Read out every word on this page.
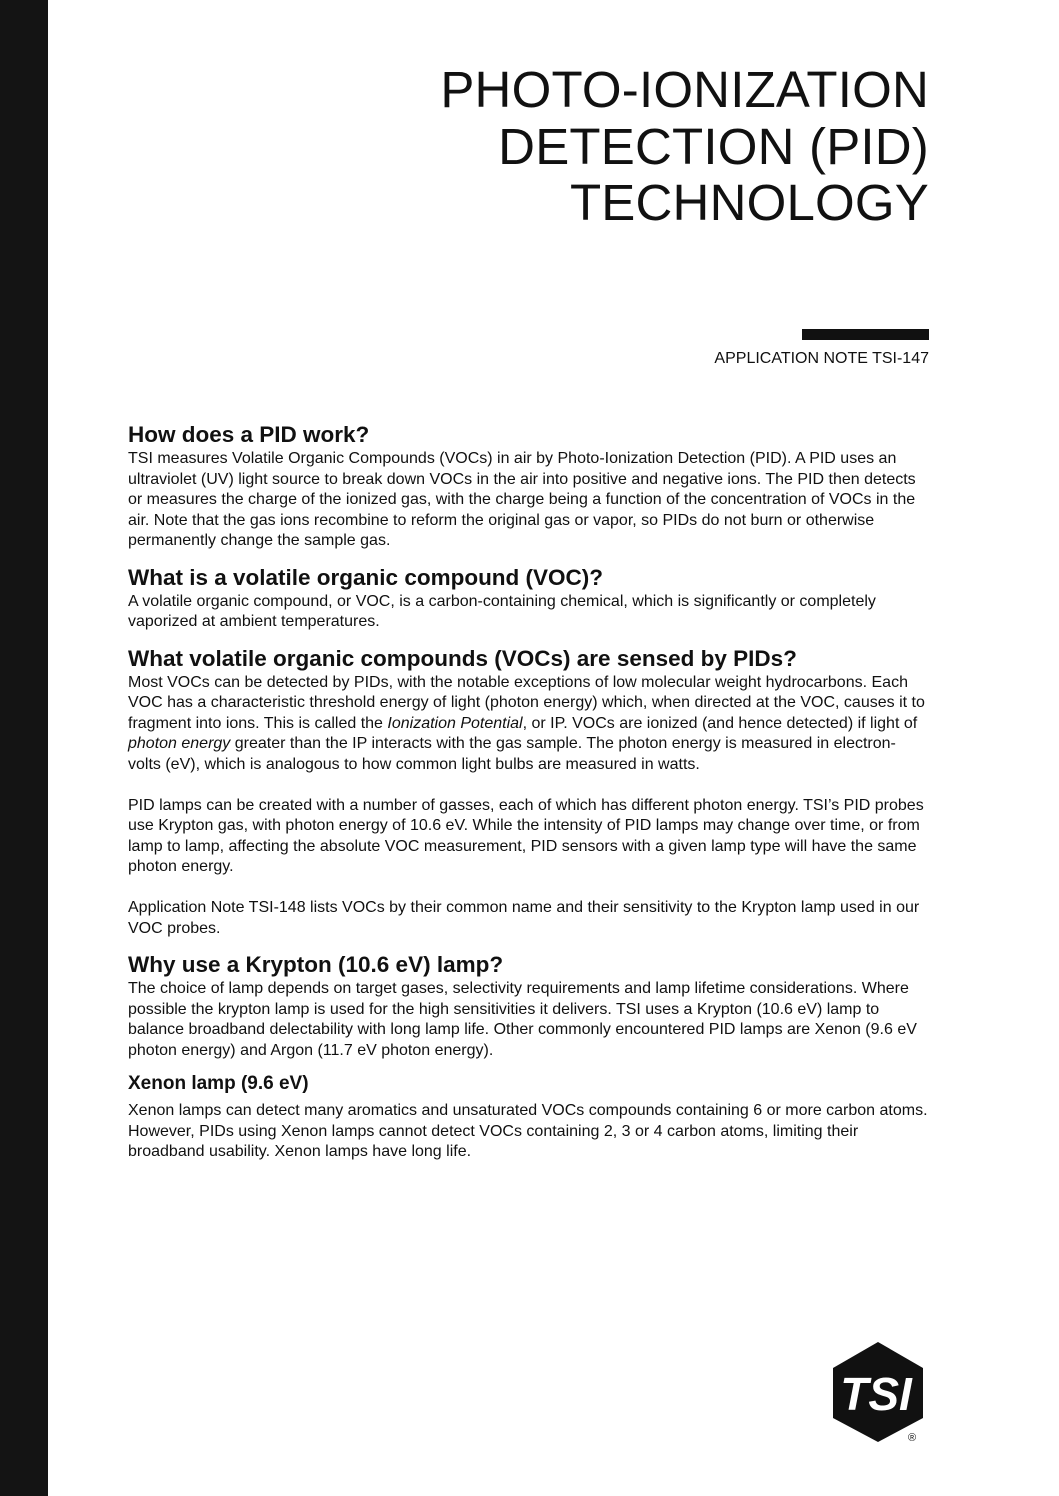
PHOTO-IONIZATION
DETECTION (PID)
TECHNOLOGY
APPLICATION NOTE TSI-147
How does a PID work?

TSI measures Volatile Organic Compounds (VOCs) in air by Photo-Ionization Detection (PID). A PID uses an ultraviolet (UV) light source to break down VOCs in the air into positive and negative ions. The PID then detects or measures the charge of the ionized gas, with the charge being a function of the concentration of VOCs in the air. Note that the gas ions recombine to reform the original gas or vapor, so PIDs do not burn or otherwise permanently change the sample gas.

What is a volatile organic compound (VOC)?

A volatile organic compound, or VOC, is a carbon-containing chemical, which is significantly or completely vaporized at ambient temperatures.

What volatile organic compounds (VOCs) are sensed by PIDs?

Most VOCs can be detected by PIDs, with the notable exceptions of low molecular weight hydrocarbons. Each VOC has a characteristic threshold energy of light (photon energy) which, when directed at the VOC, causes it to fragment into ions. This is called the Ionization Potential, or IP. VOCs are ionized (and hence detected) if light of photon energy greater than the IP interacts with the gas sample. The photon energy is measured in electron-volts (eV), which is analogous to how common light bulbs are measured in watts.

PID lamps can be created with a number of gasses, each of which has different photon energy. TSI’s PID probes use Krypton gas, with photon energy of 10.6 eV. While the intensity of PID lamps may change over time, or from lamp to lamp, affecting the absolute VOC measurement, PID sensors with a given lamp type will have the same photon energy.

Application Note TSI-148 lists VOCs by their common name and their sensitivity to the Krypton lamp used in our VOC probes.

Why use a Krypton (10.6 eV) lamp?

The choice of lamp depends on target gases, selectivity requirements and lamp lifetime considerations. Where possible the krypton lamp is used for the high sensitivities it delivers. TSI uses a Krypton (10.6 eV) lamp to balance broadband delectability with long lamp life. Other commonly encountered PID lamps are Xenon (9.6 eV photon energy) and Argon (11.7 eV photon energy).

Xenon lamp (9.6 eV)

Xenon lamps can detect many aromatics and unsaturated VOCs compounds containing 6 or more carbon atoms. However, PIDs using Xenon lamps cannot detect VOCs containing 2, 3 or 4 carbon atoms, limiting their broadband usability. Xenon lamps have long life.

TSI
®
